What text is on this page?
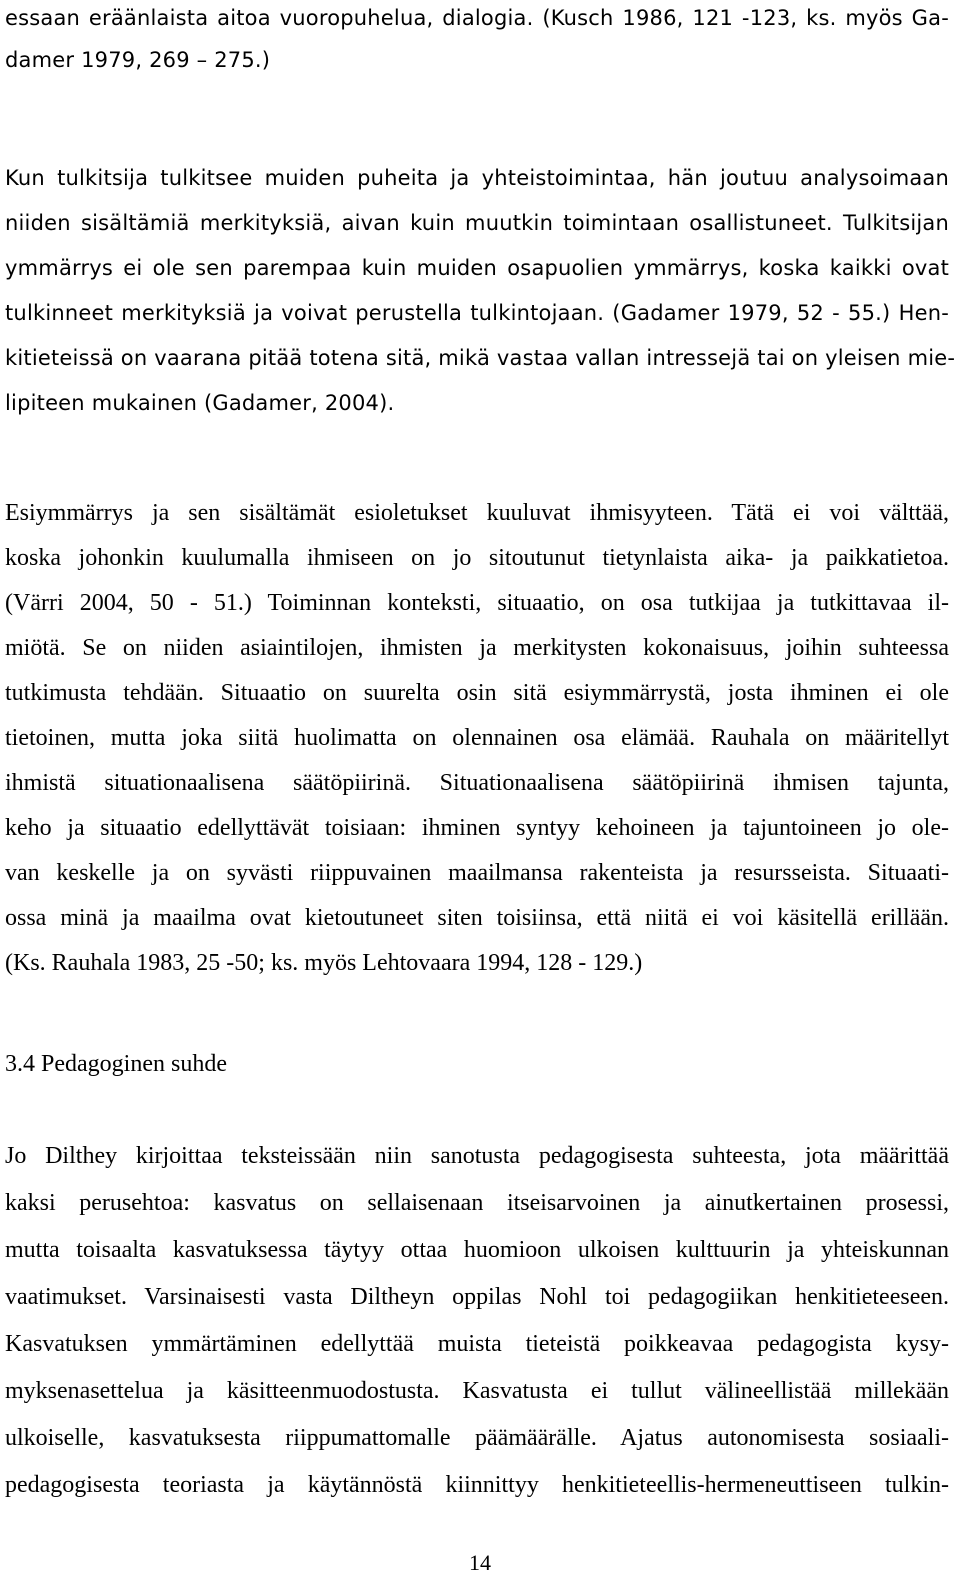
essaan eräänlaista aitoa vuoropuhelua, dialogia. (Kusch 1986, 121 -123, ks. myös Ga-
damer 1979, 269 – 275.)
Kun tulkitsija tulkitsee muiden puheita ja yhteistoimintaa, hän joutuu analysoimaan
niiden sisältämiä merkityksiä, aivan kuin muutkin toimintaan osallistuneet. Tulkitsijan
ymmärrys ei ole sen parempaa kuin muiden osapuolien ymmärrys, koska kaikki ovat
tulkinneet merkityksiä ja voivat perustella tulkintojaan. (Gadamer 1979, 52 - 55.) Hen-
kitieteissä on vaarana pitää totena sitä, mikä vastaa vallan intressejä tai on yleisen mie-
lipiteen mukainen (Gadamer, 2004).
Esiymmärrys ja sen sisältämät esioletukset kuuluvat ihmisyyteen. Tätä ei voi välttää,
koska johonkin kuulumalla ihmiseen on jo sitoutunut tietynlaista aika- ja paikkatietoa.
(Värri 2004, 50 - 51.) Toiminnan konteksti, situaatio, on osa tutkijaa ja tutkittavaa il-
miötä. Se on niiden asiaintilojen, ihmisten ja merkitysten kokonaisuus, joihin suhteessa
tutkimusta tehdään. Situaatio on suurelta osin sitä esiymmärrystä, josta ihminen ei ole
tietoinen, mutta joka siitä huolimatta on olennainen osa elämää. Rauhala on määritellyt
ihmistä situationaalisena säätöpiirinä. Situationaalisena säätöpiirinä ihmisen tajunta,
keho ja situaatio edellyttävät toisiaan: ihminen syntyy kehoineen ja tajuntoineen jo ole-
van keskelle ja on syvästi riippuvainen maailmansa rakenteista ja resursseista. Situaati-
ossa minä ja maailma ovat kietoutuneet siten toisiinsa, että niitä ei voi käsitellä erillään.
(Ks. Rauhala 1983, 25 -50; ks. myös Lehtovaara 1994, 128 - 129.)
3.4 Pedagoginen suhde
Jo Dilthey kirjoittaa teksteissään niin sanotusta pedagogisesta suhteesta, jota määrittää
kaksi perusehtoa: kasvatus on sellaisenaan itseisarvoinen ja ainutkertainen prosessi,
mutta toisaalta kasvatuksessa täytyy ottaa huomioon ulkoisen kulttuurin ja yhteiskunnan
vaatimukset. Varsinaisesti vasta Diltheyn oppilas Nohl toi pedagogiikan henkitieteeseen.
Kasvatuksen ymmärtäminen edellyttää muista tieteistä poikkeavaa pedagogista kysy-
myksenasettelua ja käsitteenmuodostusta. Kasvatusta ei tullut välineellistää millekään
ulkoiselle, kasvatuksesta riippumattomalle päämäärälle. Ajatus autonomisesta sosiaali-
pedagogisesta teoriasta ja käytännöstä kiinnittyy henkitieteellis-hermeneuttiseen tulkin-
14
